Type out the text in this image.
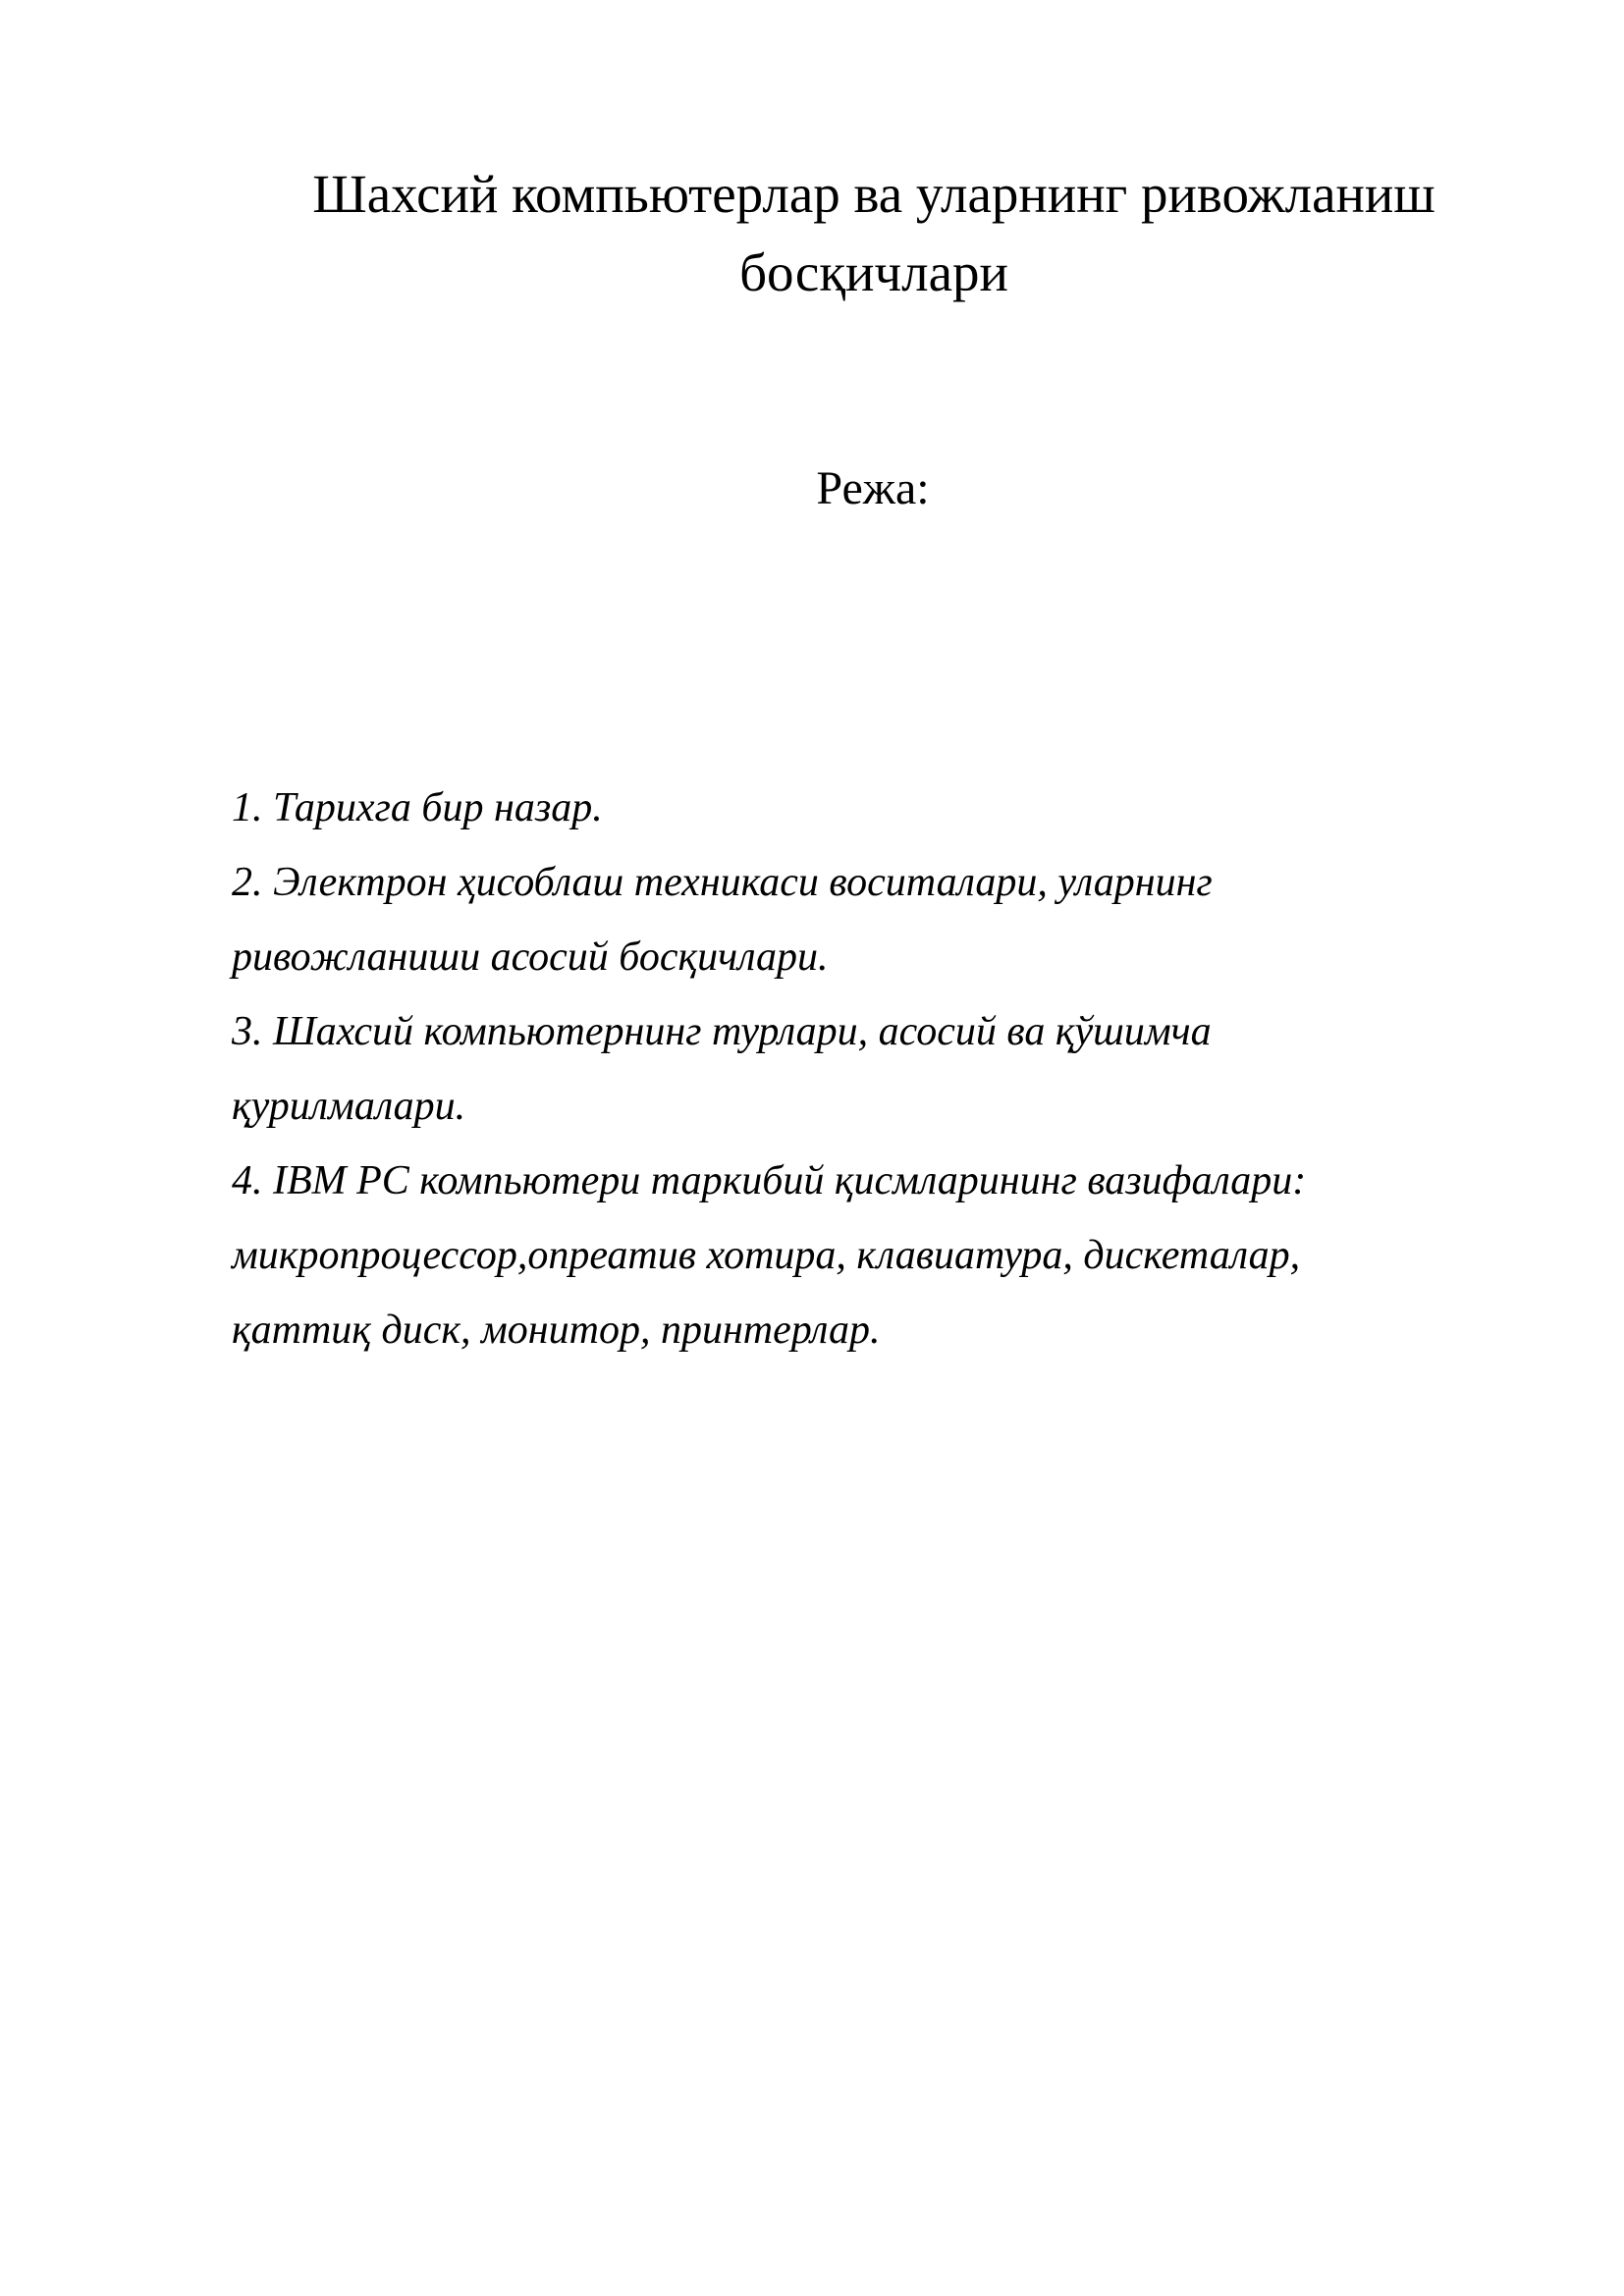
Шахсий компьютерлар ва уларнинг ривожланиш
босқичлари
Режа:
1. Тарихга бир назар.
2. Электрон ҳисоблаш техникаси воситалари, уларнинг
ривожланиши асосий босқичлари.
3. Шахсий компьютернинг турлари, асосий ва қўшимча
қурилмалари.
4. IBM PC компьютери таркибий қисмларининг вазифалари:
микропроцессор,опреатив хотира, клавиатура, дискеталар,
қаттиқ диск, монитор, принтерлар.
